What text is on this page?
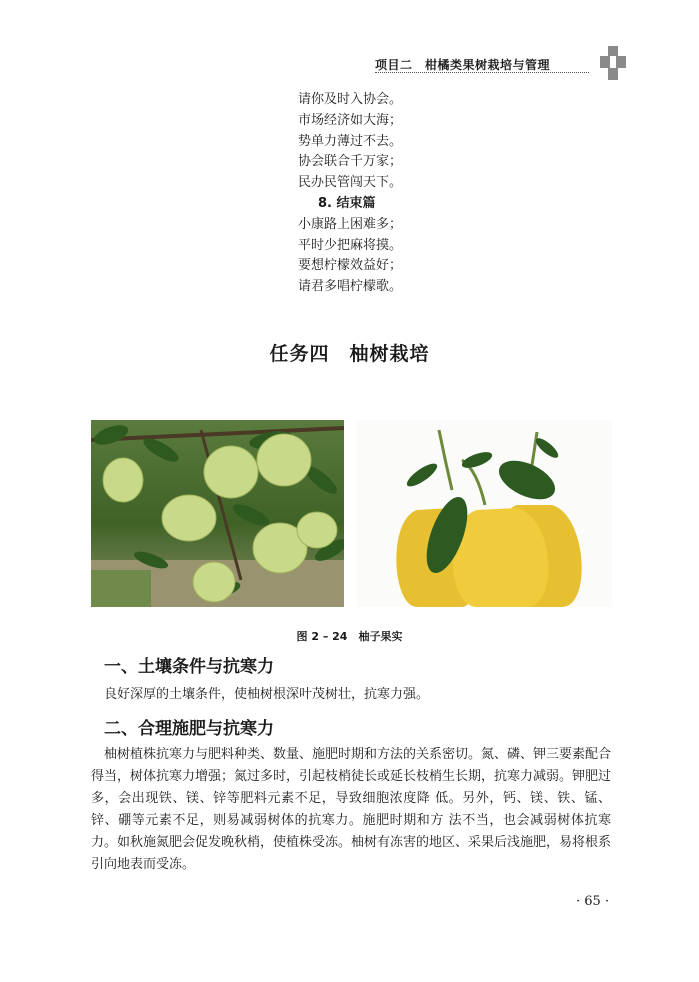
项目二　柑橘类果树栽培与管理
请你及时入协会。
市场经济如大海；
势单力薄过不去。
协会联合千万家；
民办民管闯天下。
8. 结束篇
小康路上困难多；
平时少把麻将摸。
要想柠檬效益好；
请君多唱柠檬歌。
任务四　柚树栽培
图 2 – 24　柚子果实
一、土壤条件与抗寒力
良好深厚的土壤条件，使柚树根深叶茂树壮，抗寒力强。
二、合理施肥与抗寒力
柚树植株抗寒力与肥料种类、数量、施肥时期和方法的关系密切。氮、磷、钾三要素配合得当，树体抗寒力增强；氮过多时，引起枝梢徒长或延长枝梢生长期，抗寒力减弱。钾肥过多，会出现铁、镁、锌等肥料元素不足，导致细胞浓度降 低。另外，钙、镁、铁、锰、锌、硼等元素不足，则易减弱树体的抗寒力。施肥时期和方 法不当，也会减弱树体抗寒力。如秋施氮肥会促发晚秋梢，使植株受冻。柚树有冻害的地区、采果后浅施肥，易将根系引向地表而受冻。
· 65 ·
